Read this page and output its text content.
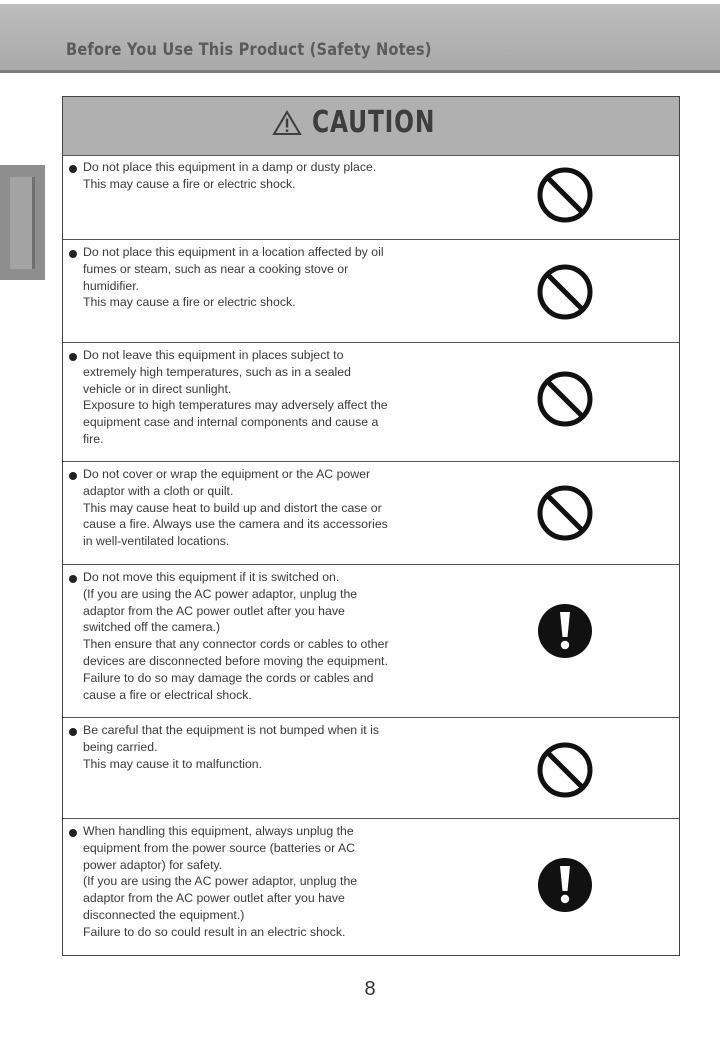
Before You Use This Product (Safety Notes)
CAUTION

Do not place this equipment in a damp or dusty place.

This may cause a fire or electric shock.

Do not place this equipment in a location affected by oil

fumes or steam, such as near a cooking stove or

humidifier.

This may cause a fire or electric shock.

Do not leave this equipment in places subject to

extremely high temperatures, such as in a sealed

vehicle or in direct sunlight.

Exposure to high temperatures may adversely affect the

equipment case and internal components and cause a

fire.

Do not cover or wrap the equipment or the AC power

adaptor with a cloth or quilt.

This may cause heat to build up and distort the case or

cause a fire. Always use the camera and its accessories

in well-ventilated locations.

Do not move this equipment if it is switched on.

(If you are using the AC power adaptor, unplug the

adaptor from the AC power outlet after you have

switched off the camera.)

Then ensure that any connector cords or cables to other

devices are disconnected before moving the equipment.

Failure to do so may damage the cords or cables and

cause a fire or electrical shock.

Be careful that the equipment is not bumped when it is

being carried.

This may cause it to malfunction.

When handling this equipment, always unplug the

equipment from the power source (batteries or AC

power adaptor) for safety.

(If you are using the AC power adaptor, unplug the

adaptor from the AC power outlet after you have

disconnected the equipment.)

Failure to do so could result in an electric shock.

8
